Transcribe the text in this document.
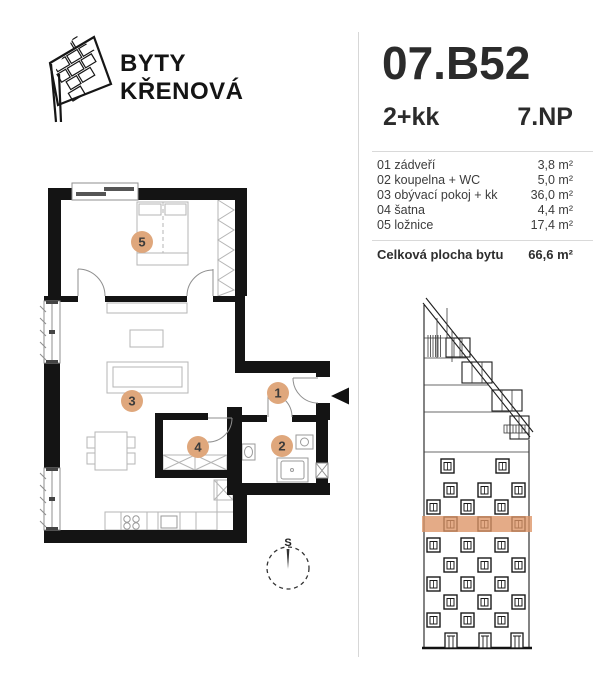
BYTY
KŘENOVÁ
07.B52
2+kk	7.NP
01 zádveří	3,8 m²
02 koupelna + WC	5,0 m²
03 obývací pokoj + kk	36,0 m²
04 šatna	4,4 m²
05 ložnice	17,4 m²
Celková plocha bytu 66,6 m²
S
5
3
1
4	2
